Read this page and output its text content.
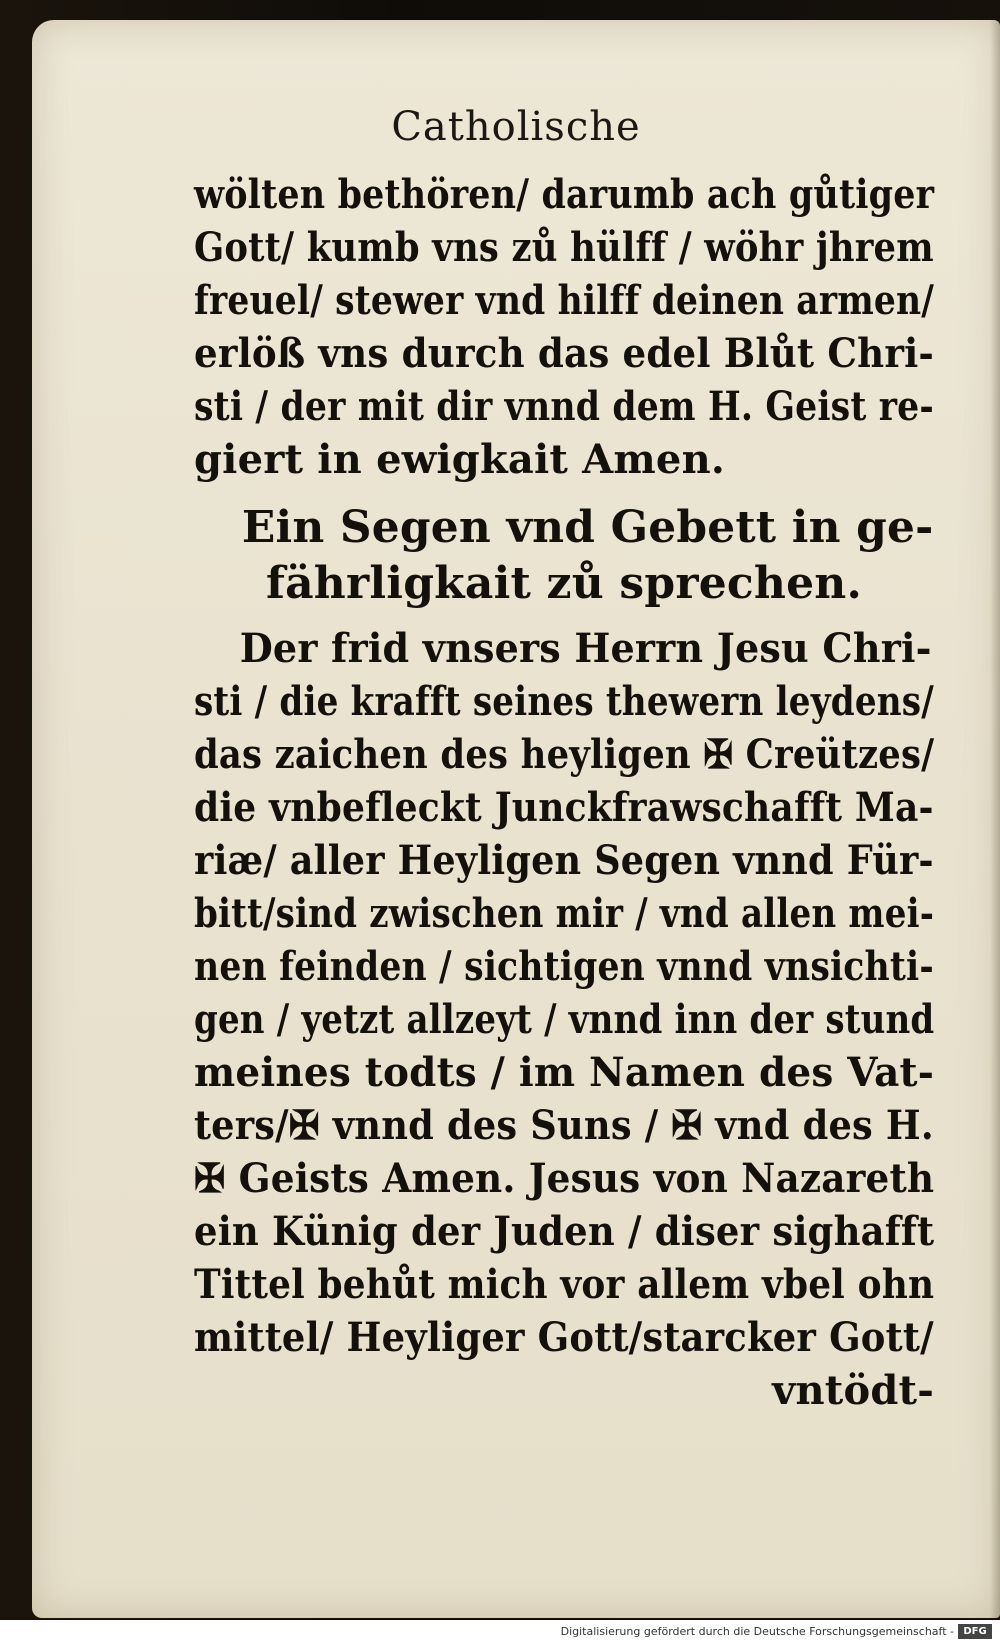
Catholische
wölten bethören/ darumb ach gůtiger
Gott/ kumb vns zů hülff / wöhr jhrem
freuel/ stewer vnd hilff deinen armen/
erlöß vns durch das edel Blůt Chri-
sti / der mit dir vnnd dem H. Geist re-
giert in ewigkait Amen.
Ein Segen vnd Gebett in ge-
fährligkait zů sprechen.
Der frid vnsers Herrn Jesu Chri-
sti / die krafft seines thewern leydens/
das zaichen des heyligen ✠ Creützes/
die vnbefleckt Junckfrawschafft Ma-
riæ/ aller Heyligen Segen vnnd Für-
bitt/sind zwischen mir / vnd allen mei-
nen feinden / sichtigen vnnd vnsichti-
gen / yetzt allzeyt / vnnd inn der stund
meines todts / im Namen des Vat-
ters/✠ vnnd des Suns / ✠ vnd des H.
✠ Geists Amen. Jesus von Nazareth
ein Künig der Juden / diser sighafft
Tittel behůt mich vor allem vbel ohn
mittel/ Heyliger Gott/starcker Gott/
vntödt-
Digitalisierung gefördert durch die Deutsche Forschungsgemeinschaft - DFG
